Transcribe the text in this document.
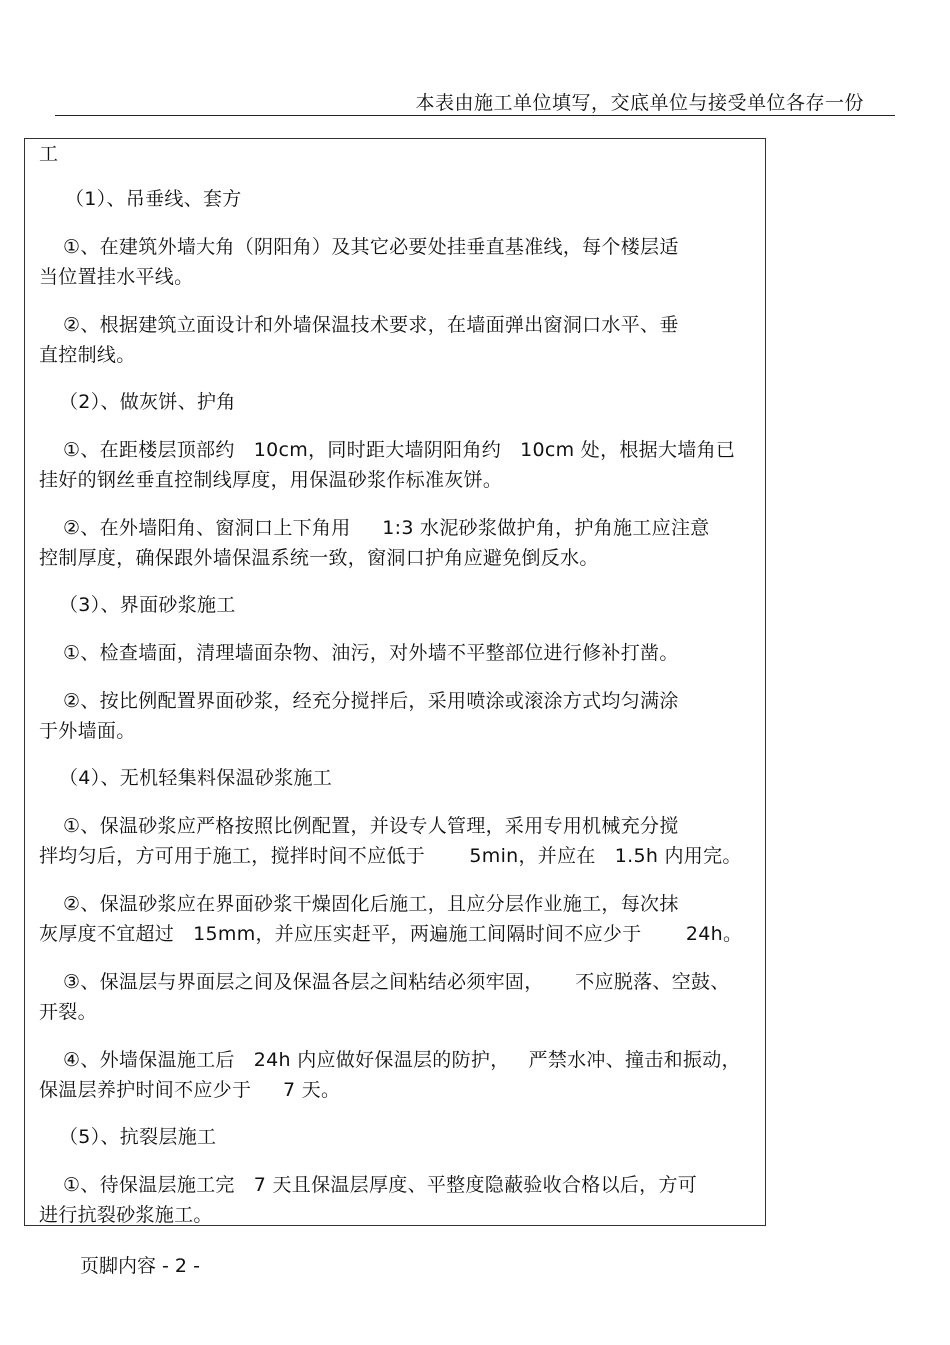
本表由施工单位填写，交底单位与接受单位各存一份
工
（1）、吊垂线、套方
①、在建筑外墙大角（阴阳角）及其它必要处挂垂直基准线，每个楼层适
当位置挂水平线。
②、根据建筑立面设计和外墙保温技术要求，在墙面弹出窗洞口水平、垂
直控制线。
（2）、做灰饼、护角
①、在距楼层顶部约   10cm，同时距大墙阴阳角约   10cm 处，根据大墙角已
挂好的钢丝垂直控制线厚度，用保温砂浆作标准灰饼。
②、在外墙阳角、窗洞口上下角用     1:3 水泥砂浆做护角，护角施工应注意
控制厚度，确保跟外墙保温系统一致，窗洞口护角应避免倒反水。
（3）、界面砂浆施工
①、检查墙面，清理墙面杂物、油污，对外墙不平整部位进行修补打凿。
②、按比例配置界面砂浆，经充分搅拌后，采用喷涂或滚涂方式均匀满涂
于外墙面。
（4）、无机轻集料保温砂浆施工
①、保温砂浆应严格按照比例配置，并设专人管理，采用专用机械充分搅
拌均匀后，方可用于施工，搅拌时间不应低于       5min，并应在   1.5h 内用完。
②、保温砂浆应在界面砂浆干燥固化后施工，且应分层作业施工，每次抹
灰厚度不宜超过   15mm，并应压实赶平，两遍施工间隔时间不应少于       24h。
③、保温层与界面层之间及保温各层之间粘结必须牢固，     不应脱落、空鼓、
开裂。
④、外墙保温施工后   24h 内应做好保温层的防护，   严禁水冲、撞击和振动，
保温层养护时间不应少于     7 天。
（5）、抗裂层施工
①、待保温层施工完   7 天且保温层厚度、平整度隐蔽验收合格以后，方可
进行抗裂砂浆施工。
页脚内容 - 2 -
